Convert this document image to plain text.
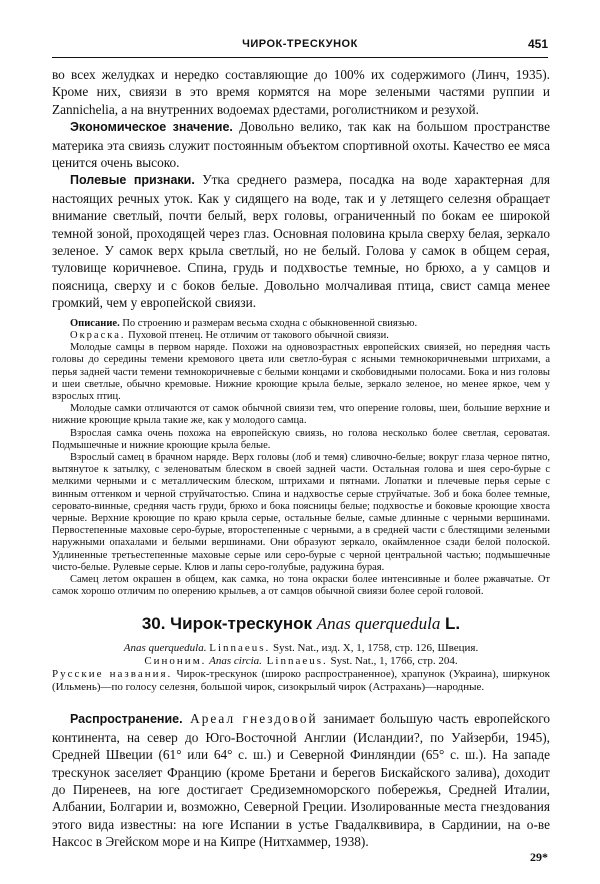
ЧИРОК-ТРЕСКУНОК	451

во всех желудках и нередко составляющие до 100% их содержимого (Линч, 1935). Кроме них, свиязи в это время кормятся на море зелеными частями руппии и Zannichelia, а на внутренних водоемах рдестами, роголистником и резухой.

Экономическое значение. Довольно велико, так как на большом пространстве материка эта свиязь служит постоянным объектом спортивной охоты. Качество ее мяса ценится очень высоко.

Полевые признаки. Утка среднего размера, посадка на воде характерная для настоящих речных уток. Как у сидящего на воде, так и у летящего селезня обращает внимание светлый, почти белый, верх головы, ограниченный по бокам ее широкой темной зоной, проходящей через глаз. Основная половина крыла сверху белая, зеркало зеленое. У самок верх крыла светлый, но не белый. Голова у самок в общем серая, туловище коричневое. Спина, грудь и подхвостье темные, но брюхо, а у самцов и поясница, сверху и с боков белые. Довольно молчаливая птица, свист самца менее громкий, чем у европейской свиязи.

Описание. По строению и размерам весьма сходна с обыкновенной свиязью.

Окраска. Пуховой птенец. Не отличим от такового обычной свиязи.

Молодые самцы в первом наряде. Похожи на одновозрастных европейских свиязей, но передняя часть головы до середины темени кремового цвета или светло-бурая с ясными темнокоричневыми штрихами, а перья задней части темени темнокоричневые с белыми концами и скобовидными полосами. Бока и низ головы и шеи светлые, обычно кремовые. Нижние кроющие крыла белые, зеркало зеленое, но менее яркое, чем у взрослых птиц.

Молодые самки отличаются от самок обычной свиязи тем, что оперение головы, шеи, большие верхние и нижние кроющие крыла такие же, как у молодого самца.

Взрослая самка очень похожа на европейскую свиязь, но голова несколько более светлая, сероватая. Подмышечные и нижние кроющие крыла белые.

Взрослый самец в брачном наряде. Верх головы (лоб и темя) сливочно-белые; вокруг глаза черное пятно, вытянутое к затылку, с зеленоватым блеском в своей задней части. Остальная голова и шея серо-бурые с мелкими черными и с металлическим блеском, штрихами и пятнами. Лопатки и плечевые перья серые с винным оттенком и черной струйчатостью. Спина и надхвостье серые струйчатые. Зоб и бока более темные, серовато-винные, средняя часть груди, брюхо и бока поясницы белые; подхвостье и боковые кроющие хвоста черные. Верхние кроющие по краю крыла серые, остальные белые, самые длинные с черными вершинами. Первостепенные маховые серо-бурые, второстепенные с черными, а в средней части с блестящими зелеными наружными опахалами и белыми вершинами. Они образуют зеркало, окаймленное сзади белой полоской. Удлиненные третьестепенные маховые серые или серо-бурые с черной центральной частью; подмышечные чисто-белые. Рулевые серые. Клюв и лапы серо-голубые, радужина бурая.

Самец летом окрашен в общем, как самка, но тона окраски более интенсивные и более ржавчатые. От самок хорошо отличим по оперению крыльев, а от самцов обычной свиязи более серой головой.

30. Чирок-трескунок Anas querquedula L.

Anas querquedula. Linnaeus. Syst. Nat., изд. X, 1, 1758, стр. 126, Швеция.

Синоним. Anas circia. Linnaeus. Syst. Nat., 1, 1766, стр. 204.

Русские названия. Чирок-трескунок (широко распространенное), храпунок (Украина), ширкунок (Ильмень)—по голосу селезня, большой чирок, сизокрылый чирок (Астрахань)—народные.

Распространение. Ареал гнездовой занимает большую часть европейского континента, на север до Юго-Восточной Англии (Исландии?, по Уайзерби, 1945), Средней Швеции (61° или 64° с. ш.) и Северной Финляндии (65° с. ш.). На западе трескунок заселяет Францию (кроме Бретани и берегов Бискайского залива), доходит до Пиренеев, на юге достигает Средиземноморского побережья, Средней Италии, Албании, Болгарии и, возможно, Северной Греции. Изолированные места гнездования этого вида известны: на юге Испании в устье Гвадалквивира, в Сардинии, на о-ве Наксос в Эгейском море и на Кипре (Нитхаммер, 1938).

29*
